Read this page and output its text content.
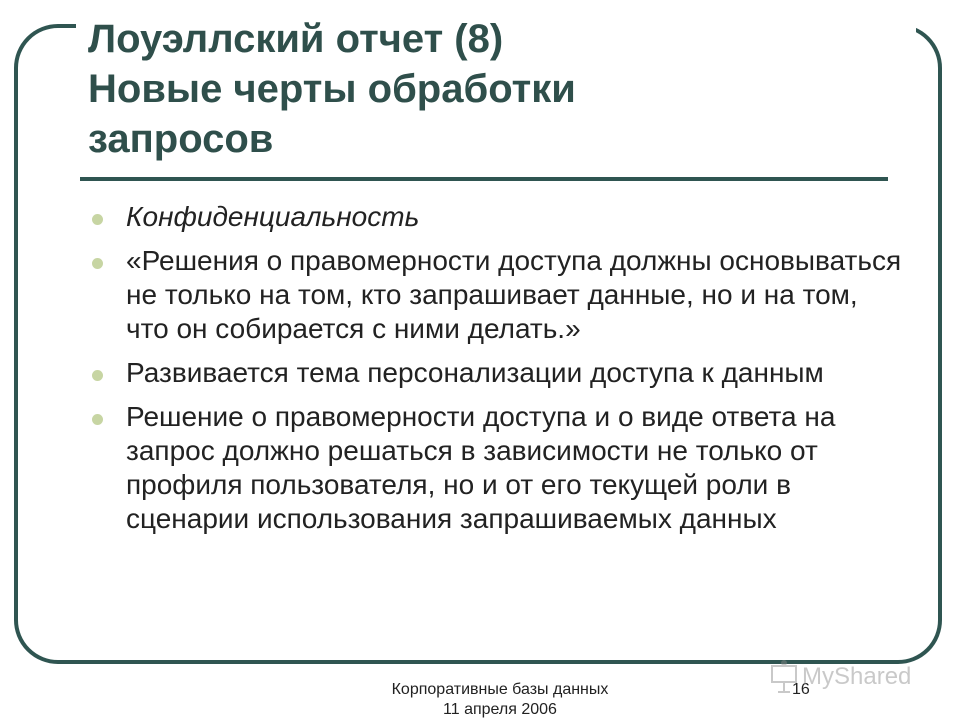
Лоуэллский отчет (8)
Новые черты обработки
запросов
Конфиденциальность
«Решения о правомерности доступа должны основываться не только на том, кто запрашивает данные, но и на том, что он собирается с ними делать.»
Развивается тема персонализации доступа к данным
Решение о правомерности доступа и о виде ответа на запрос должно решаться в зависимости не только от профиля пользователя, но и от его текущей роли в сценарии использования запрашиваемых данных
Корпоративные базы данных
11 апреля 2006
16
MyShared
